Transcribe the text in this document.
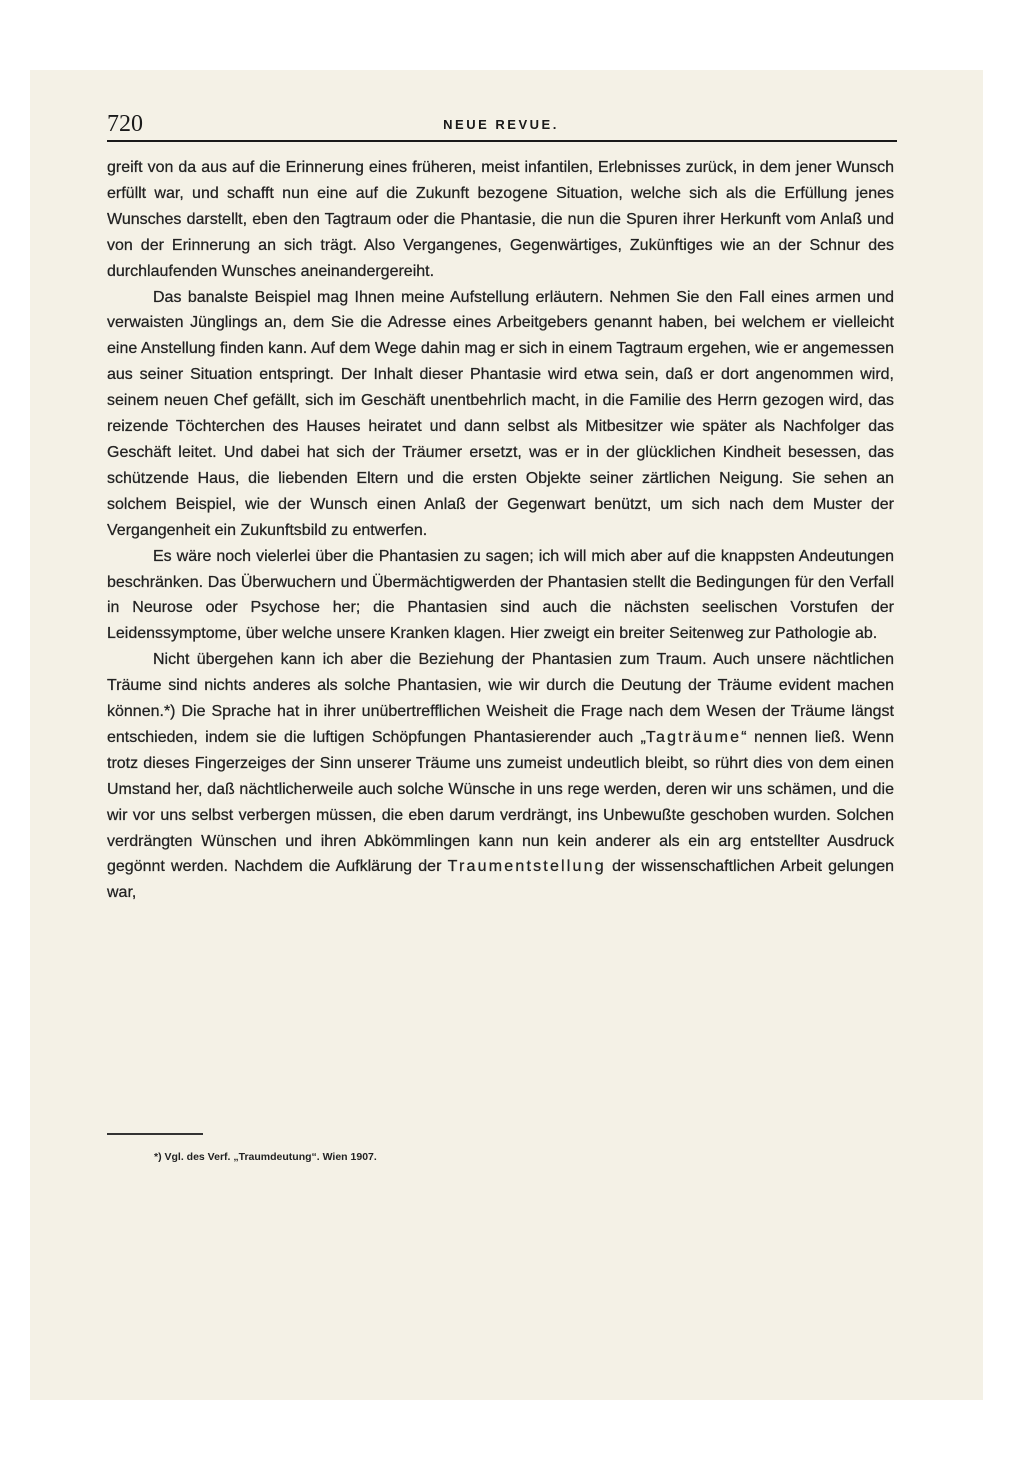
720	NEUE REVUE.

greift von da aus auf die Erinnerung eines früheren, meist infantilen, Erlebnisses zurück, in dem jener Wunsch erfüllt war, und schafft nun eine auf die Zukunft bezogene Situation, welche sich als die Erfüllung jenes Wunsches darstellt, eben den Tagtraum oder die Phantasie, die nun die Spuren ihrer Herkunft vom Anlaß und von der Erinnerung an sich trägt. Also Vergangenes, Gegenwärtiges, Zukünftiges wie an der Schnur des durchlaufenden Wunsches aneinandergereiht.

Das banalste Beispiel mag Ihnen meine Aufstellung erläutern. Nehmen Sie den Fall eines armen und verwaisten Jünglings an, dem Sie die Adresse eines Arbeitgebers genannt haben, bei welchem er vielleicht eine Anstellung finden kann. Auf dem Wege dahin mag er sich in einem Tagtraum ergehen, wie er angemessen aus seiner Situation entspringt. Der Inhalt dieser Phantasie wird etwa sein, daß er dort angenommen wird, seinem neuen Chef gefällt, sich im Geschäft unentbehrlich macht, in die Familie des Herrn gezogen wird, das reizende Töchterchen des Hauses heiratet und dann selbst als Mitbesitzer wie später als Nachfolger das Geschäft leitet. Und dabei hat sich der Träumer ersetzt, was er in der glücklichen Kindheit besessen, das schützende Haus, die liebenden Eltern und die ersten Objekte seiner zärtlichen Neigung. Sie sehen an solchem Beispiel, wie der Wunsch einen Anlaß der Gegenwart benützt, um sich nach dem Muster der Vergangenheit ein Zukunftsbild zu entwerfen.

Es wäre noch vielerlei über die Phantasien zu sagen; ich will mich aber auf die knappsten Andeutungen beschränken. Das Überwuchern und Übermächtigwerden der Phantasien stellt die Bedingungen für den Verfall in Neurose oder Psychose her; die Phantasien sind auch die nächsten seelischen Vorstufen der Leidenssymptome, über welche unsere Kranken klagen. Hier zweigt ein breiter Seitenweg zur Pathologie ab.

Nicht übergehen kann ich aber die Beziehung der Phantasien zum Traum. Auch unsere nächtlichen Träume sind nichts anderes als solche Phantasien, wie wir durch die Deutung der Träume evident machen können.*) Die Sprache hat in ihrer unübertrefflichen Weisheit die Frage nach dem Wesen der Träume längst entschieden, indem sie die luftigen Schöpfungen Phantasierender auch „Tagträume“ nennen ließ. Wenn trotz dieses Fingerzeiges der Sinn unserer Träume uns zumeist undeutlich bleibt, so rührt dies von dem einen Umstand her, daß nächtlicherweile auch solche Wünsche in uns rege werden, deren wir uns schämen, und die wir vor uns selbst verbergen müssen, die eben darum verdrängt, ins Unbewußte geschoben wurden. Solchen verdrängten Wünschen und ihren Abkömmlingen kann nun kein anderer als ein arg entstellter Ausdruck gegönnt werden. Nachdem die Aufklärung der Traumentstellung der wissenschaftlichen Arbeit gelungen war,

*) Vgl. des Verf. „Traumdeutung“. Wien 1907.
